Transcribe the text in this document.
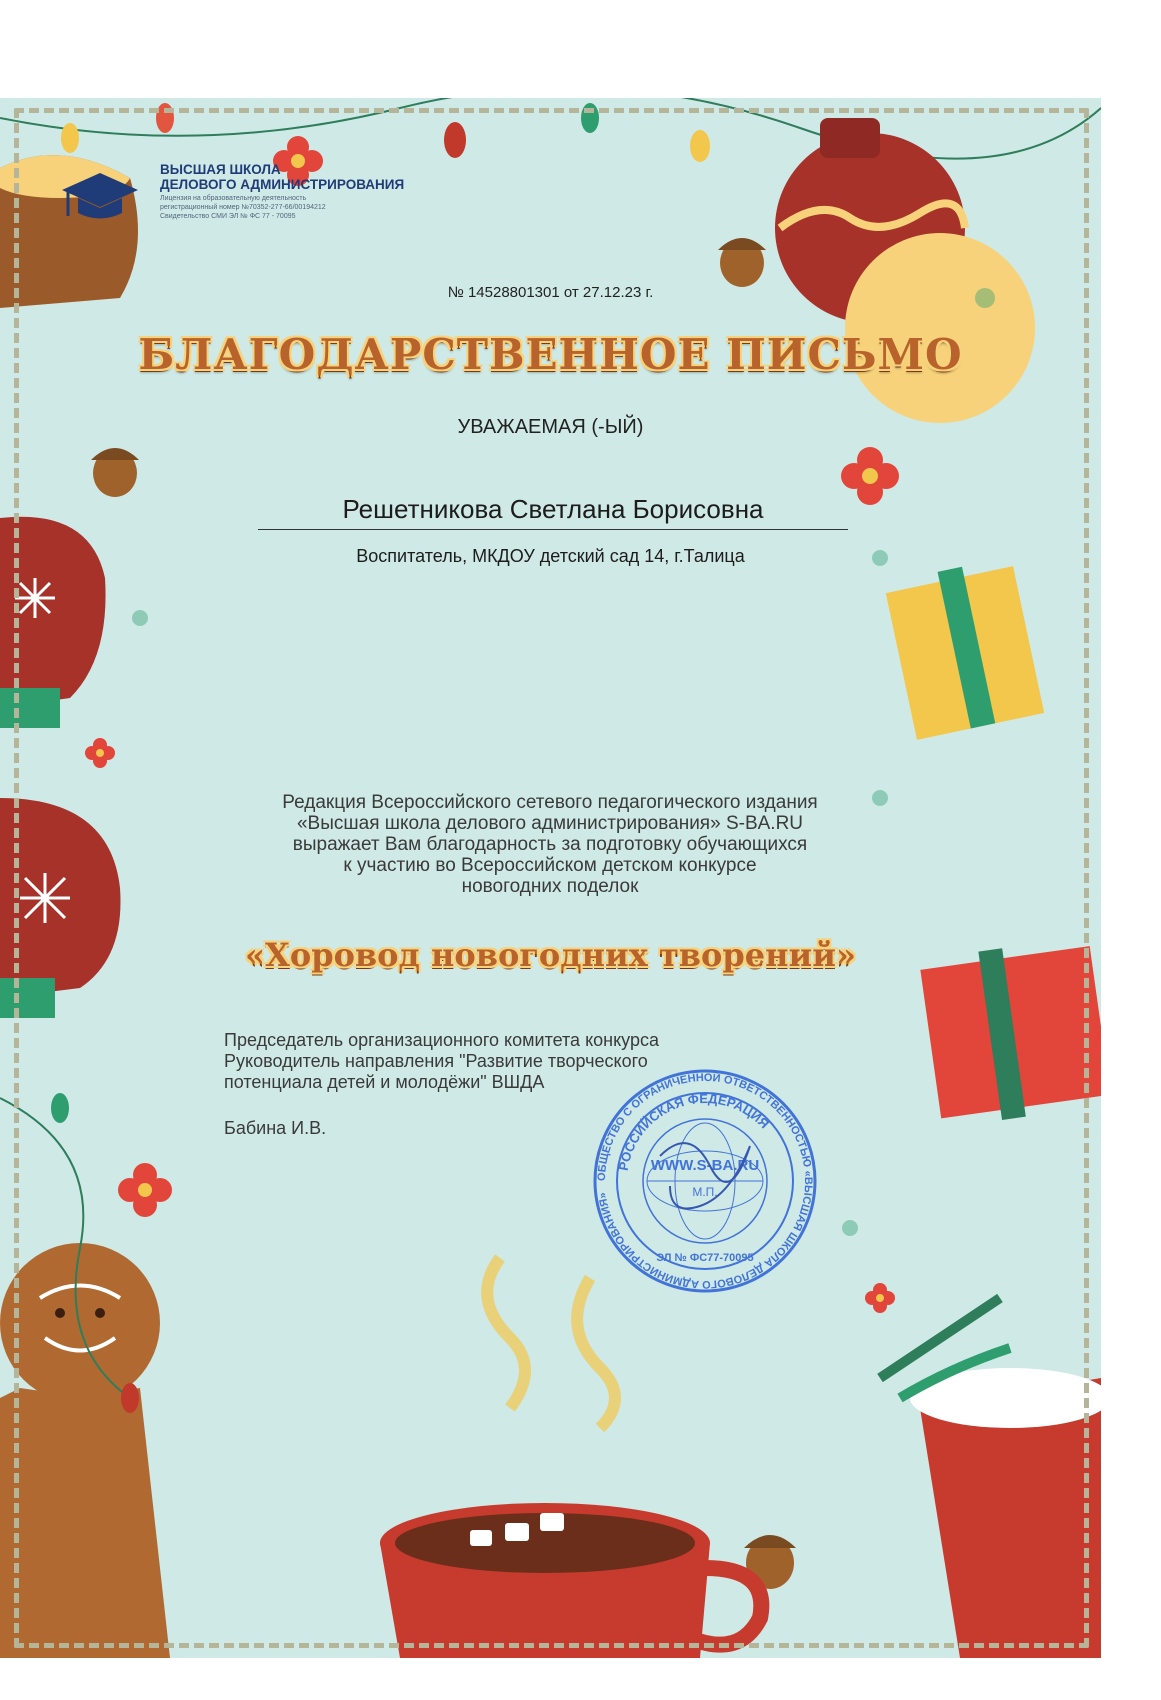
ВЫСШАЯ ШКОЛА
ДЕЛОВОГО АДМИНИСТРИРОВАНИЯ
Лицензия на образовательную деятельность
регистрационный номер №70352-277-66/00194212
Свидетельство СМИ ЭЛ № ФС 77 - 70095
№ 14528801301 от 27.12.23 г.
БЛАГОДАРСТВЕННОЕ ПИСЬМО
УВАЖАЕМАЯ (-ЫЙ)
Решетникова Светлана Борисовна
Воспитатель, МКДОУ детский сад 14, г.Талица
Редакция Всероссийского сетевого педагогического издания
«Высшая школа делового администрирования» S-BA.RU
выражает Вам благодарность за подготовку обучающихся
к участию во Всероссийском детском конкурсе
новогодних поделок
«Хоровод новогодних творений»
Председатель организационного комитета конкурса
Руководитель направления "Развитие творческого
потенциала детей и молодёжи" ВШДА
Бабина И.В.
ОБЩЕСТВО С ОГРАНИЧЕННОЙ ОТВЕТСТВЕННОСТЬЮ «ВЫСШАЯ ШКОЛА ДЕЛОВОГО АДМИНИСТРИРОВАНИЯ»
РОССИЙСКАЯ ФЕДЕРАЦИЯ
WWW.S-BA.RU
М.П.
ЭЛ № ФС77-70095
